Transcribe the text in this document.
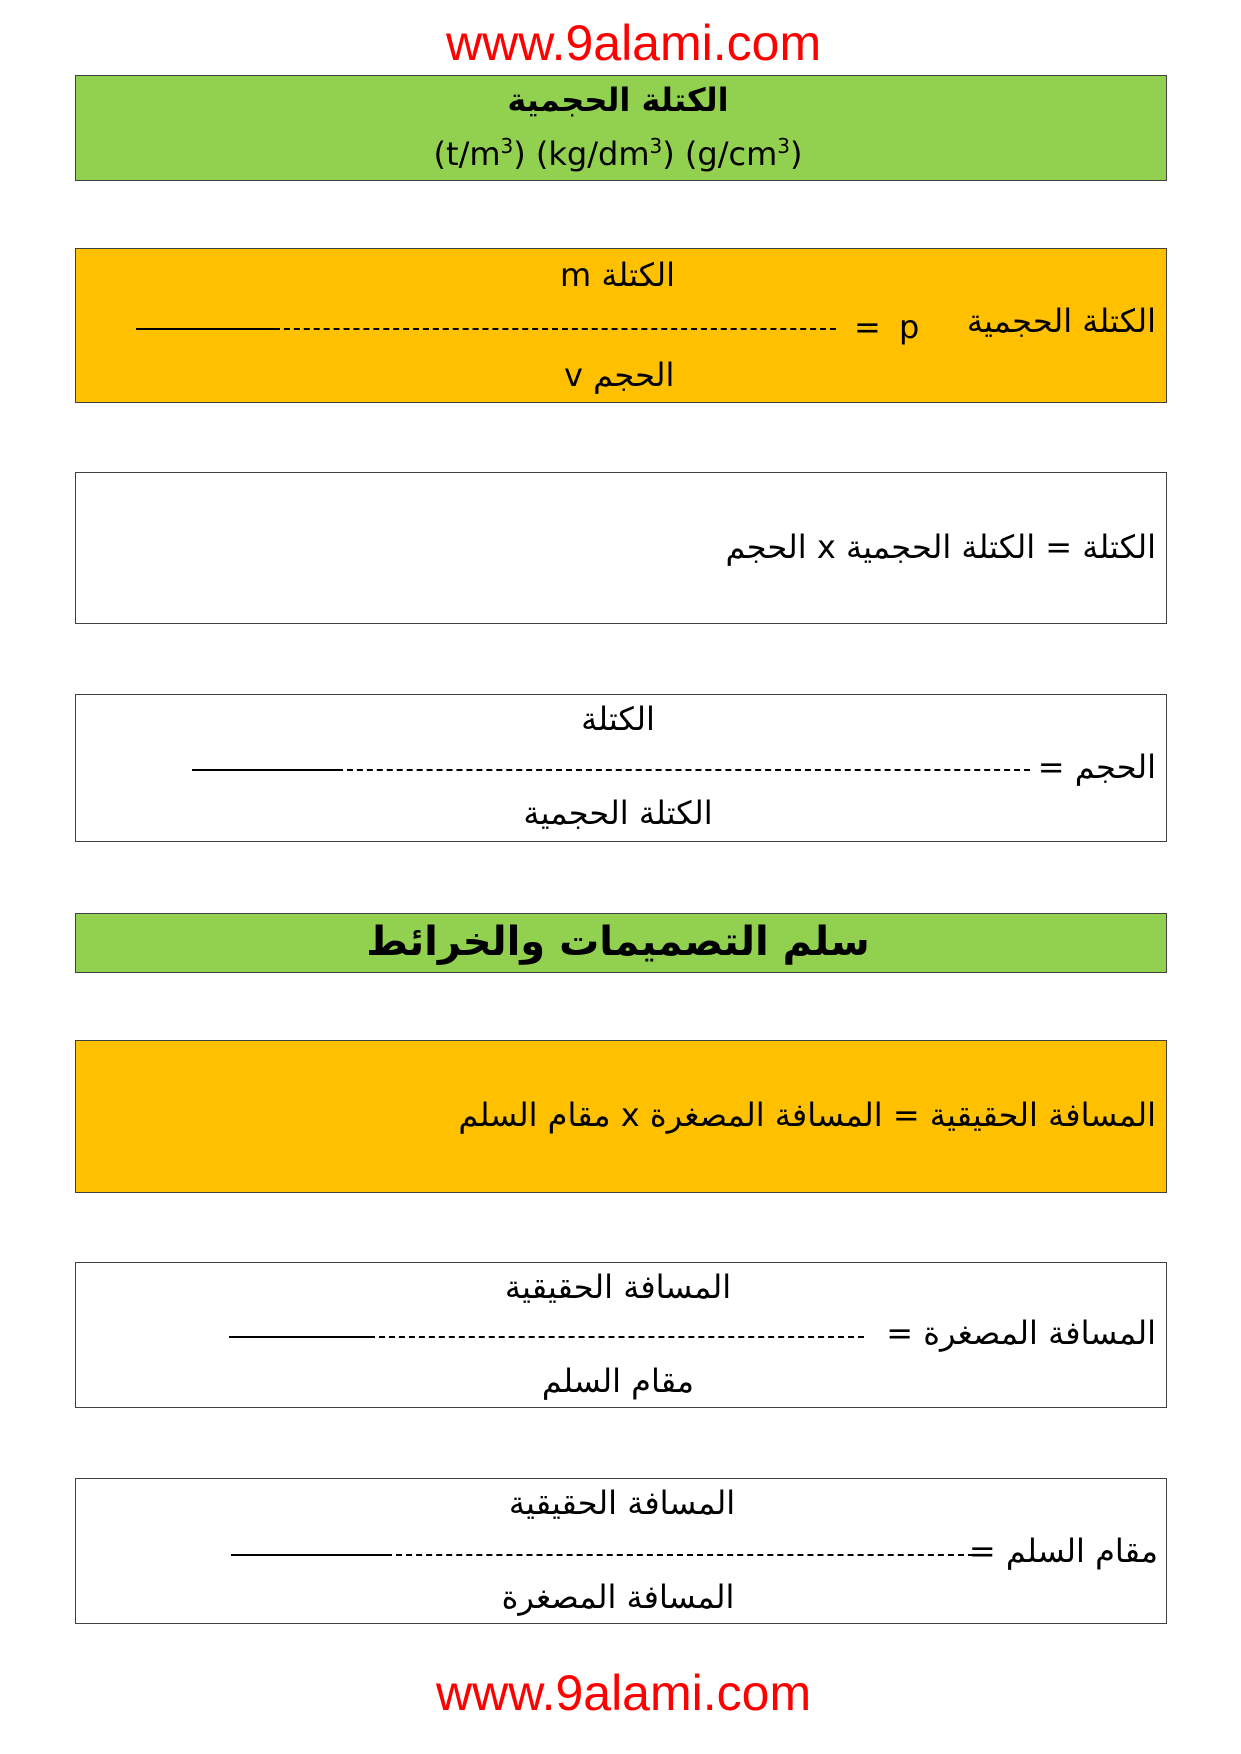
www.9alami.com
الكتلة الحجمية
$(t/m^3)$ $(kg/dm^3)$ $(g/cm^3)$
m الكتلة
الكتلة الحجمية
p
=
v الحجم
الكتلة = الكتلة الحجمية x الحجم
الكتلة
الحجم =
الكتلة الحجمية
سلم التصميمات والخرائط
المسافة الحقيقية = المسافة المصغرة x مقام السلم
المسافة الحقيقية
المسافة المصغرة =
مقام السلم
المسافة الحقيقية
مقام السلم =
المسافة المصغرة
www.9alami.com
